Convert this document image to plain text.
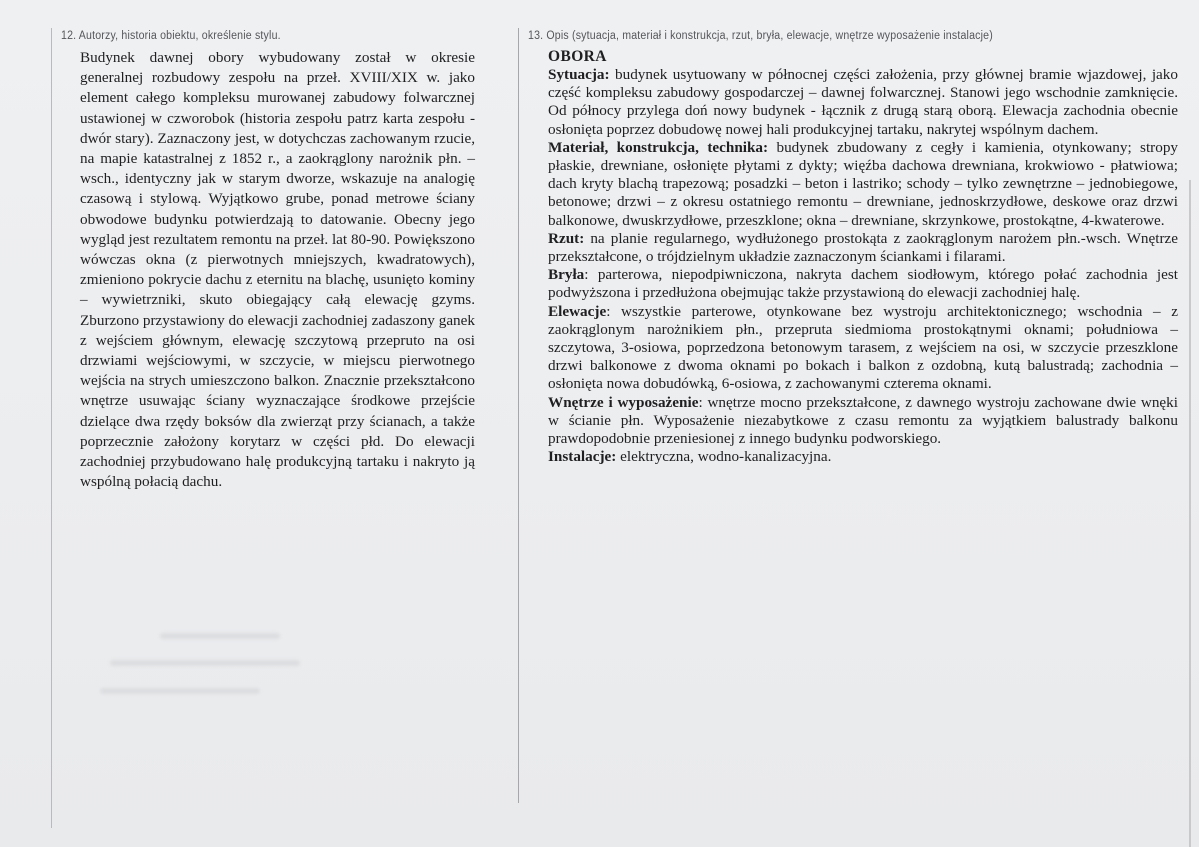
12. Autorzy, historia obiektu, określenie stylu.

Budynek dawnej obory wybudowany został w okresie generalnej rozbudowy zespołu na przeł. XVIII/XIX w. jako element całego kompleksu murowanej zabudowy folwarcznej ustawionej w czworobok (historia zespołu patrz karta zespołu - dwór stary). Zaznaczony jest, w dotychczas zachowanym rzucie, na mapie katastralnej z 1852 r., a zaokrąglony narożnik płn. – wsch., identyczny jak w starym dworze, wskazuje na analogię czasową i stylową. Wyjątkowo grube, ponad metrowe ściany obwodowe budynku potwierdzają to datowanie. Obecny jego wygląd jest rezultatem remontu na przeł. lat 80-90. Powiększono wówczas okna (z pierwotnych mniejszych, kwadratowych), zmieniono pokrycie dachu z eternitu na blachę, usunięto kominy – wywietrzniki, skuto obiegający całą elewację gzyms. Zburzono przystawiony do elewacji zachodniej zadaszony ganek z wejściem głównym, elewację szczytową przepruto na osi drzwiami wejściowymi, w szczycie, w miejscu pierwotnego wejścia na strych umieszczono balkon. Znacznie przekształcono wnętrze usuwając ściany wyznaczające środkowe przejście dzielące dwa rzędy boksów dla zwierząt przy ścianach, a także poprzecznie założony korytarz w części płd. Do elewacji zachodniej przybudowano halę produkcyjną tartaku i nakryto ją wspólną połacią dachu.

13. Opis (sytuacja, materiał i konstrukcja, rzut, bryła, elewacje, wnętrze wyposażenie instalacje)
OBORA

Sytuacja: budynek usytuowany w północnej części założenia, przy głównej bramie wjazdowej, jako część kompleksu zabudowy gospodarczej – dawnej folwarcznej. Stanowi jego wschodnie zamknięcie. Od północy przylega doń nowy budynek - łącznik z drugą starą oborą. Elewacja zachodnia obecnie osłonięta poprzez dobudowę nowej hali produkcyjnej tartaku, nakrytej wspólnym dachem.

Materiał, konstrukcja, technika: budynek zbudowany z cegły i kamienia, otynkowany; stropy płaskie, drewniane, osłonięte płytami z dykty; więźba dachowa drewniana, krokwiowo - płatwiowa; dach kryty blachą trapezową; posadzki – beton i lastriko; schody – tylko zewnętrzne – jednobiegowe, betonowe; drzwi – z okresu ostatniego remontu – drewniane, jednoskrzydłowe, deskowe oraz drzwi balkonowe, dwuskrzydłowe, przeszklone; okna – drewniane, skrzynkowe, prostokątne, 4-kwaterowe.

Rzut: na planie regularnego, wydłużonego prostokąta z zaokrąglonym narożem płn.-wsch. Wnętrze przekształcone, o trójdzielnym układzie zaznaczonym ściankami i filarami.

Bryła: parterowa, niepodpiwniczona, nakryta dachem siodłowym, którego połać zachodnia jest podwyższona i przedłużona obejmując także przystawioną do elewacji zachodniej halę.

Elewacje: wszystkie parterowe, otynkowane bez wystroju architektonicznego; wschodnia – z zaokrąglonym narożnikiem płn., przepruta siedmioma prostokątnymi oknami; południowa – szczytowa, 3-osiowa, poprzedzona betonowym tarasem, z wejściem na osi, w szczycie przeszklone drzwi balkonowe z dwoma oknami po bokach i balkon z ozdobną, kutą balustradą; zachodnia – osłonięta nowa dobudówką, 6-osiowa, z zachowanymi czterema oknami.

Wnętrze i wyposażenie: wnętrze mocno przekształcone, z dawnego wystroju zachowane dwie wnęki w ścianie płn. Wyposażenie niezabytkowe z czasu remontu za wyjątkiem balustrady balkonu prawdopodobnie przeniesionej z innego budynku podworskiego.

Instalacje: elektryczna, wodno-kanalizacyjna.
